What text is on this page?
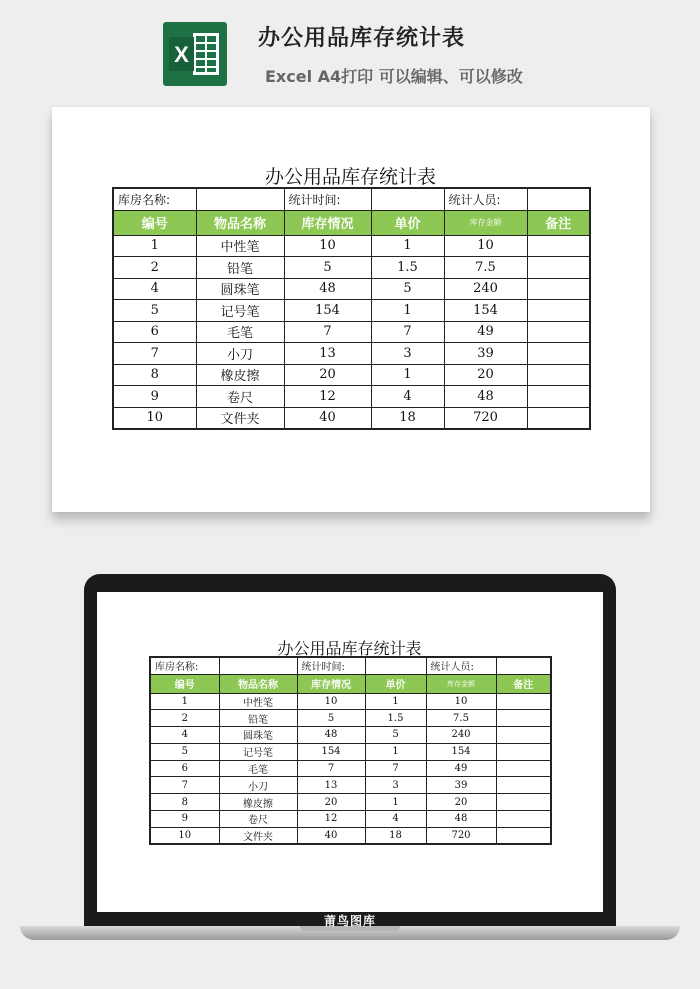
X
办公用品库存统计表
Excel A4打印 可以编辑、可以修改
办公用品库存统计表
库房名称:		统计时间:		统计人员:	
编号	物品名称	库存情况	单价	库存金额	备注
1	中性笔	10	1	10	
2	铅笔	5	1.5	7.5	
4	圆珠笔	48	5	240	
5	记号笔	154	1	154	
6	毛笔	7	7	49	
7	小刀	13	3	39	
8	橡皮擦	20	1	20	
9	卷尺	12	4	48	
10	文件夹	40	18	720	
莆鸟图库
办公用品库存统计表
库房名称:		统计时间:		统计人员:	
编号	物品名称	库存情况	单价	库存金额	备注
1	中性笔	10	1	10	
2	铅笔	5	1.5	7.5	
4	圆珠笔	48	5	240	
5	记号笔	154	1	154	
6	毛笔	7	7	49	
7	小刀	13	3	39	
8	橡皮擦	20	1	20	
9	卷尺	12	4	48	
10	文件夹	40	18	720	
